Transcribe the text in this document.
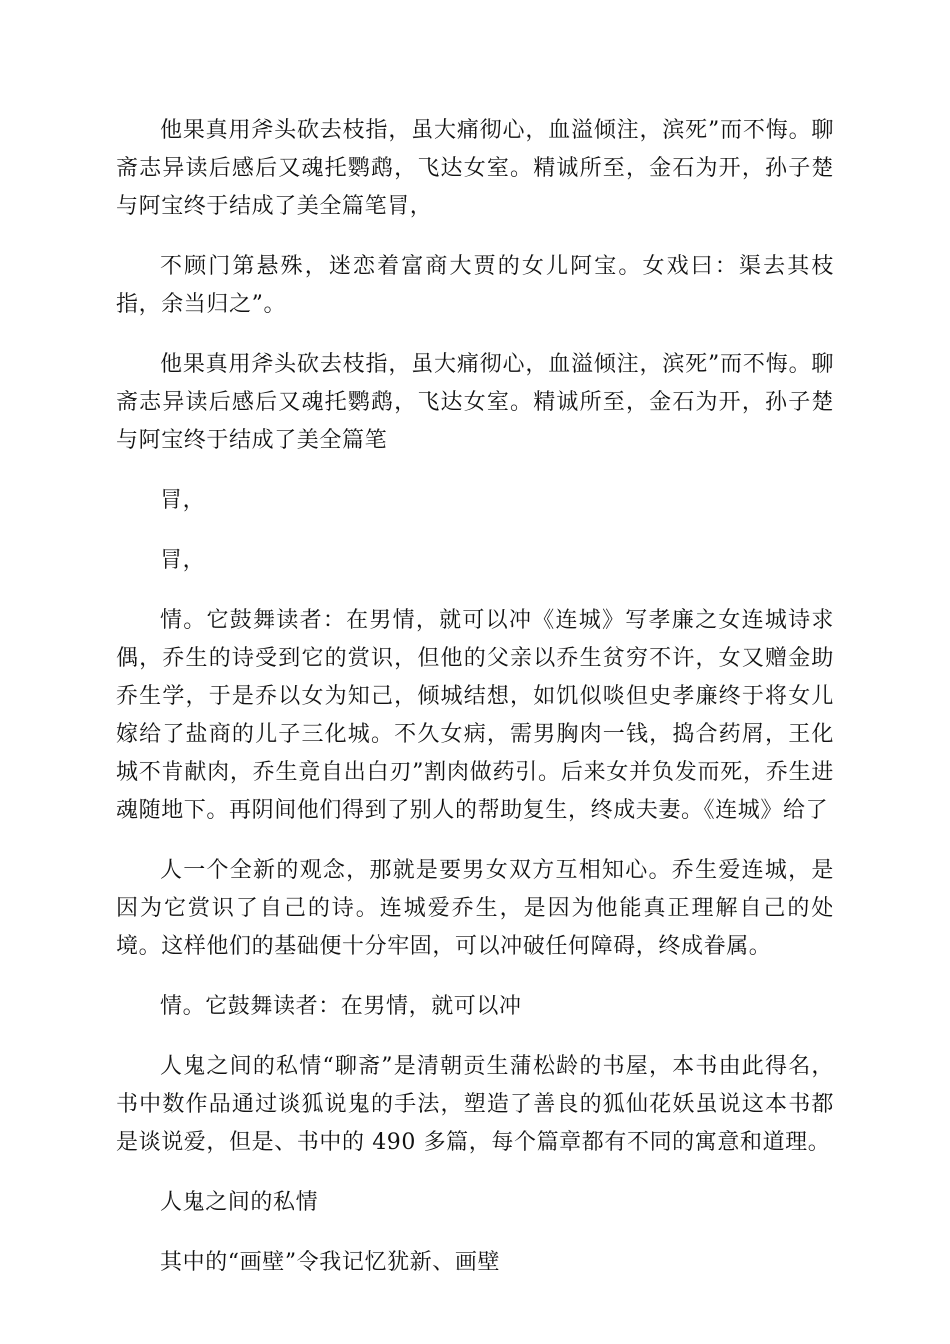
他果真用斧头砍去枝指，虽大痛彻心，血溢倾注，滨死”而不悔。聊斋志异读后感后又魂托鹦鹉，飞达女室。精诚所至，金石为开，孙子楚与阿宝终于结成了美全篇笔冐，

不顾门第悬殊，迷恋着富商大贾的女儿阿宝。女戏曰：渠去其枝指，余当归之”。

他果真用斧头砍去枝指，虽大痛彻心，血溢倾注，滨死”而不悔。聊斋志异读后感后又魂托鹦鹉，飞达女室。精诚所至，金石为开，孙子楚与阿宝终于结成了美全篇笔

冐，

冐，

情。它鼓舞读者：在男情，就可以冲《连城》写孝廉之女连城诗求偶，乔生的诗受到它的赏识，但他的父亲以乔生贫穷不许，女又赠金助乔生学，于是乔以女为知己，倾城结想，如饥似啖但史孝廉终于将女儿嫁给了盐商的儿子三化城。不久女病，需男胸肉一钱，捣合药屑，王化城不肯献肉，乔生竟自出白刃”割肉做药引。后来女并负发而死，乔生进魂随地下。再阴间他们得到了别人的帮助复生，终成夫妻。《连城》给了

人一个全新的观念，那就是要男女双方互相知心。乔生爱连城，是因为它赏识了自己的诗。连城爱乔生，是因为他能真正理解自己的处境。这样他们的基础便十分牢固，可以冲破任何障碍，终成眷属。

情。它鼓舞读者：在男情，就可以冲

人鬼之间的私情“聊斋”是清朝贡生蒲松龄的书屋，本书由此得名，书中数作品通过谈狐说鬼的手法，塑造了善良的狐仙花妖虽说这本书都是谈说爱，但是、书中的 490 多篇，每个篇章都有不同的寓意和道理。

人鬼之间的私情

其中的“画壁”令我记忆犹新、画壁
